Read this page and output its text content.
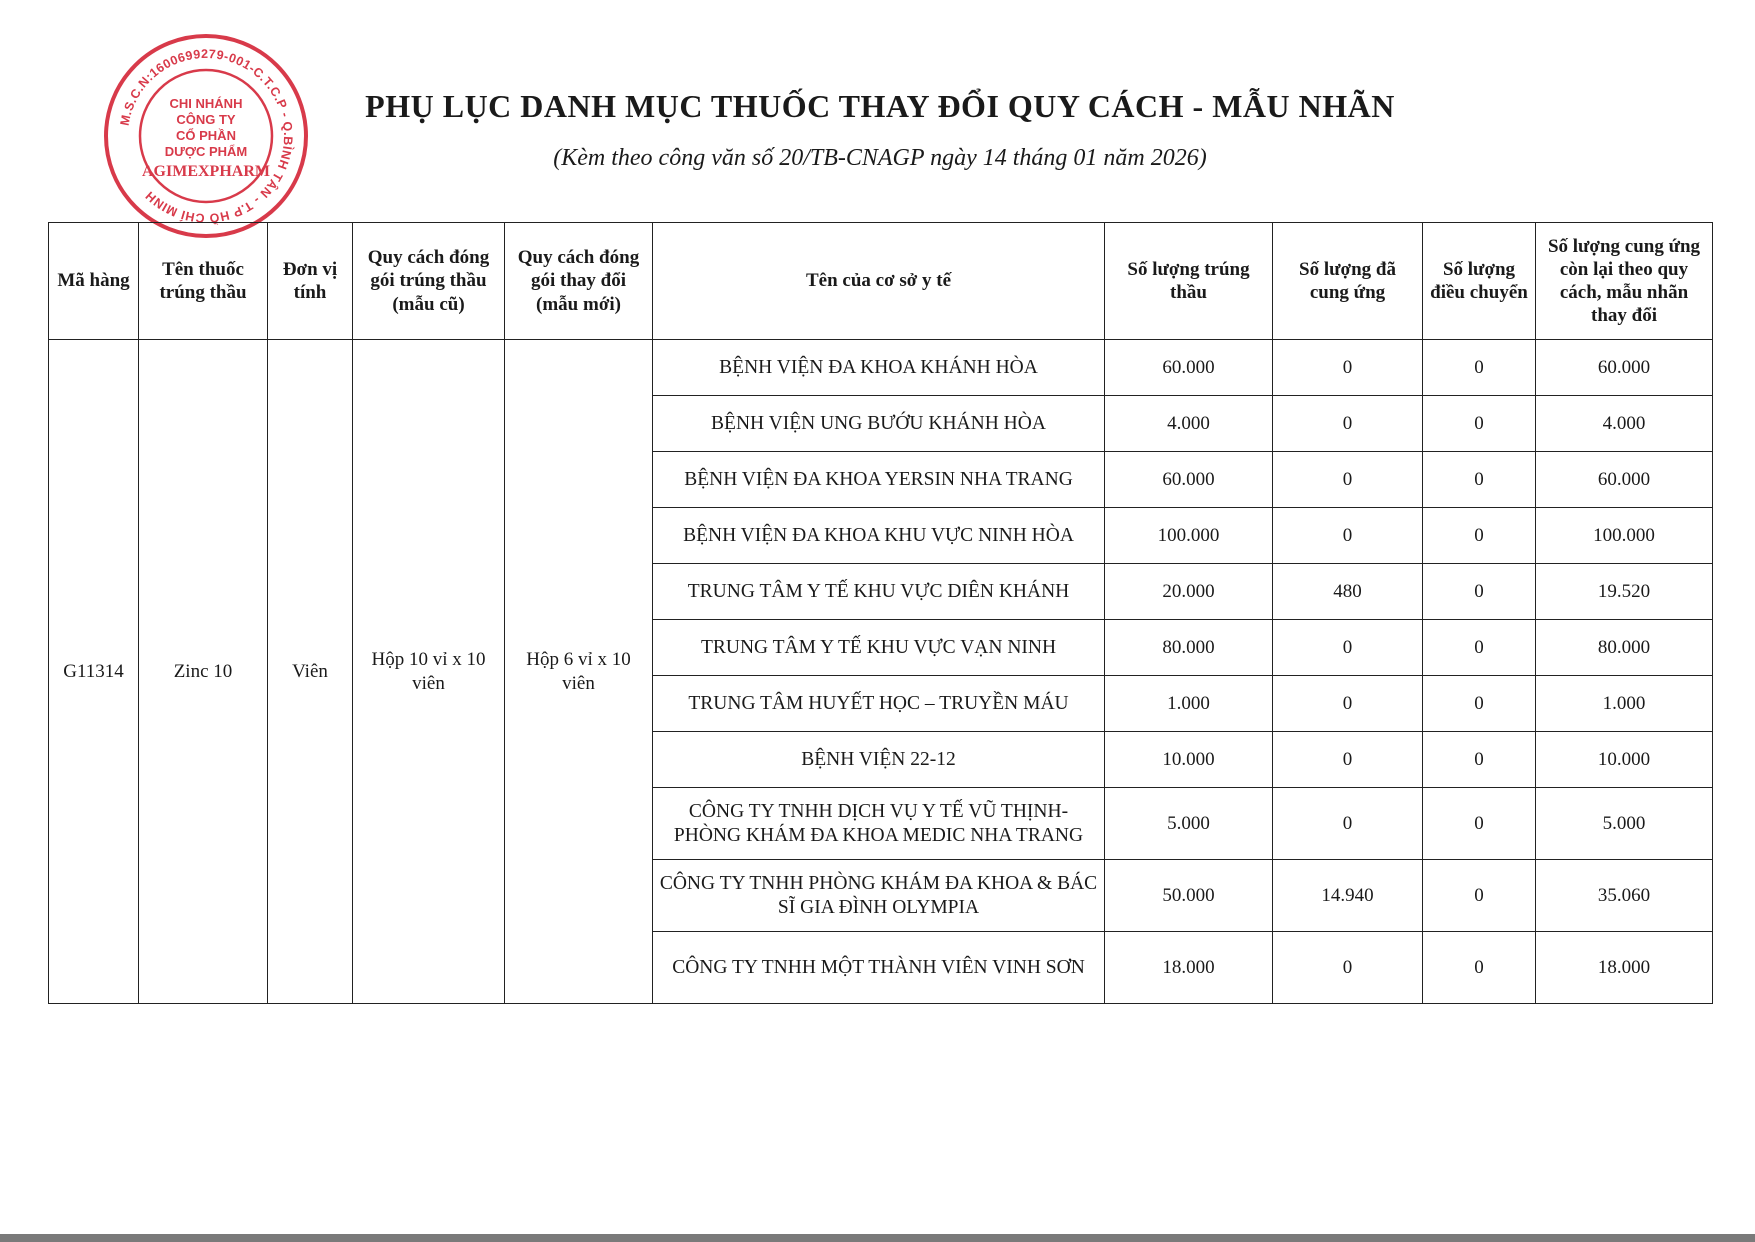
M.S.C.N:1600699279-001-C.T.C.P - Q.BÌNH TÂN - T.P HỒ CHÍ MINH
CHI NHÁNH
CÔNG TY
CỔ PHẦN
DƯỢC PHẨM
AGIMEXPHARM
PHỤ LỤC DANH MỤC THUỐC THAY ĐỔI QUY CÁCH - MẪU NHÃN

(Kèm theo công văn số 20/TB-CNAGP ngày 14 tháng 01 năm 2026)

Mã hàng	Tên thuốc trúng thầu	Đơn vị tính	Quy cách đóng gói trúng thầu (mẫu cũ)	Quy cách đóng gói thay đổi (mẫu mới)	Tên của cơ sở y tế	Số lượng trúng thầu	Số lượng đã cung ứng	Số lượng điều chuyển	Số lượng cung ứng còn lại theo quy cách, mẫu nhãn thay đổi
G11314	Zinc 10	Viên	Hộp 10 vỉ x 10 viên	Hộp 6 vỉ x 10 viên	BỆNH VIỆN ĐA KHOA KHÁNH HÒA	60.000	0	0	60.000
					BỆNH VIỆN UNG BƯỚU KHÁNH HÒA	4.000	0	0	4.000
					BỆNH VIỆN ĐA KHOA YERSIN NHA TRANG	60.000	0	0	60.000
					BỆNH VIỆN ĐA KHOA KHU VỰC NINH HÒA	100.000	0	0	100.000
					TRUNG TÂM Y TẾ KHU VỰC DIÊN KHÁNH	20.000	480	0	19.520
					TRUNG TÂM Y TẾ KHU VỰC VẠN NINH	80.000	0	0	80.000
					TRUNG TÂM HUYẾT HỌC – TRUYỀN MÁU	1.000	0	0	1.000
					BỆNH VIỆN 22-12	10.000	0	0	10.000
					CÔNG TY TNHH DỊCH VỤ Y TẾ VŨ THỊNH- PHÒNG KHÁM ĐA KHOA MEDIC NHA TRANG	5.000	0	0	5.000
					CÔNG TY TNHH PHÒNG KHÁM ĐA KHOA & BÁC SĨ GIA ĐÌNH OLYMPIA	50.000	14.940	0	35.060
					CÔNG TY TNHH MỘT THÀNH VIÊN VINH SƠN	18.000	0	0	18.000
